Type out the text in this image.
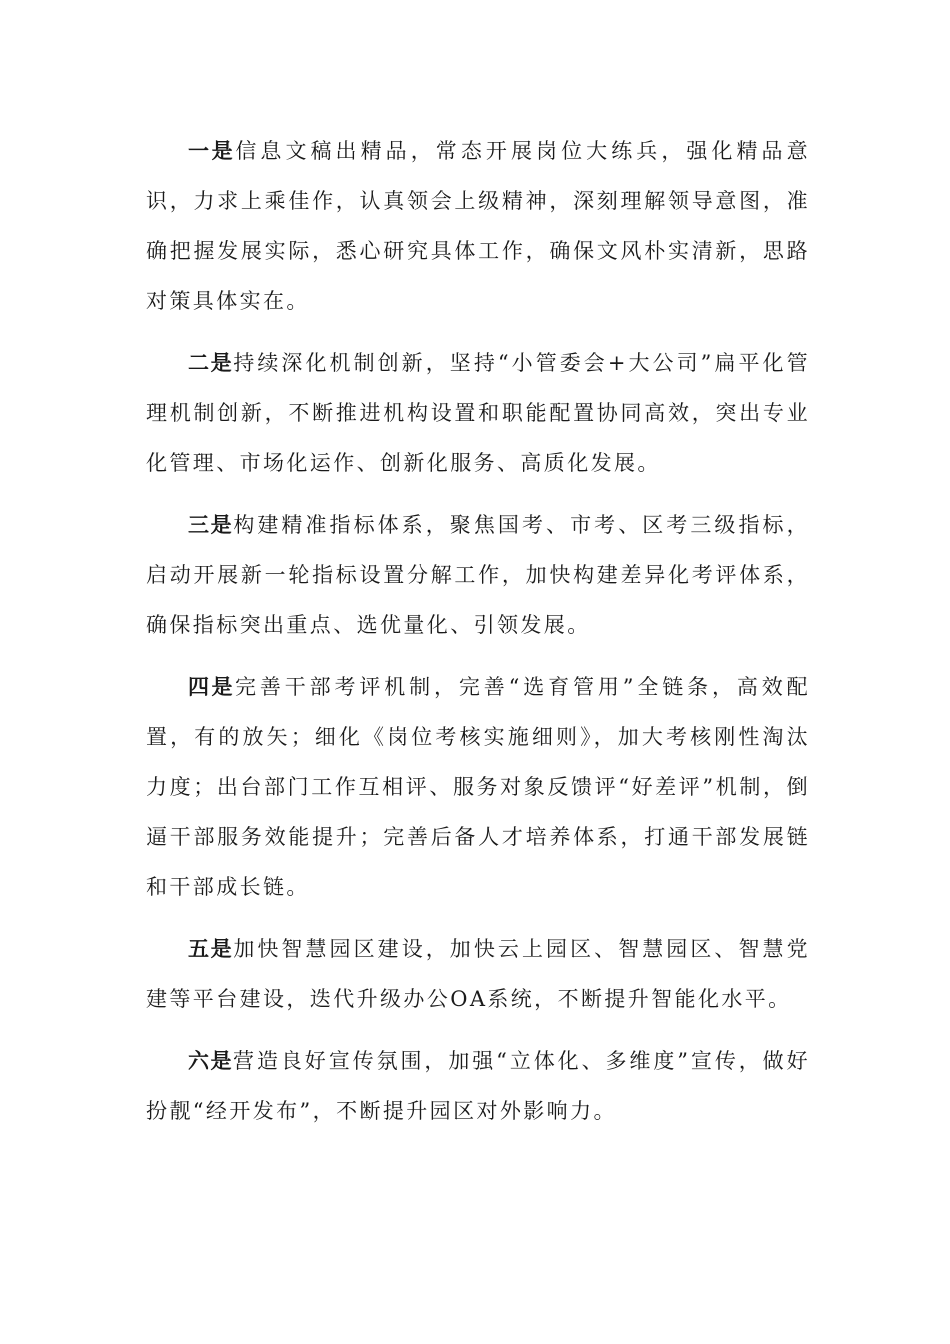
一是信息文稿出精品，常态开展岗位大练兵，强化精品意识，力求上乘佳作，认真领会上级精神，深刻理解领导意图，准确把握发展实际，悉心研究具体工作，确保文风朴实清新，思路对策具体实在。

二是持续深化机制创新，坚持“小管委会+大公司”扁平化管理机制创新，不断推进机构设置和职能配置协同高效，突出专业化管理、市场化运作、创新化服务、高质化发展。

三是构建精准指标体系，聚焦国考、市考、区考三级指标，启动开展新一轮指标设置分解工作，加快构建差异化考评体系，确保指标突出重点、选优量化、引领发展。

四是完善干部考评机制，完善“选育管用”全链条，高效配置，有的放矢；细化《岗位考核实施细则》，加大考核刚性淘汰力度；出台部门工作互相评、服务对象反馈评“好差评”机制，倒逼干部服务效能提升；完善后备人才培养体系，打通干部发展链和干部成长链。

五是加快智慧园区建设，加快云上园区、智慧园区、智慧党建等平台建设，迭代升级办公OA系统，不断提升智能化水平。

六是营造良好宣传氛围，加强“立体化、多维度”宣传，做好扮靓“经开发布”，不断提升园区对外影响力。
